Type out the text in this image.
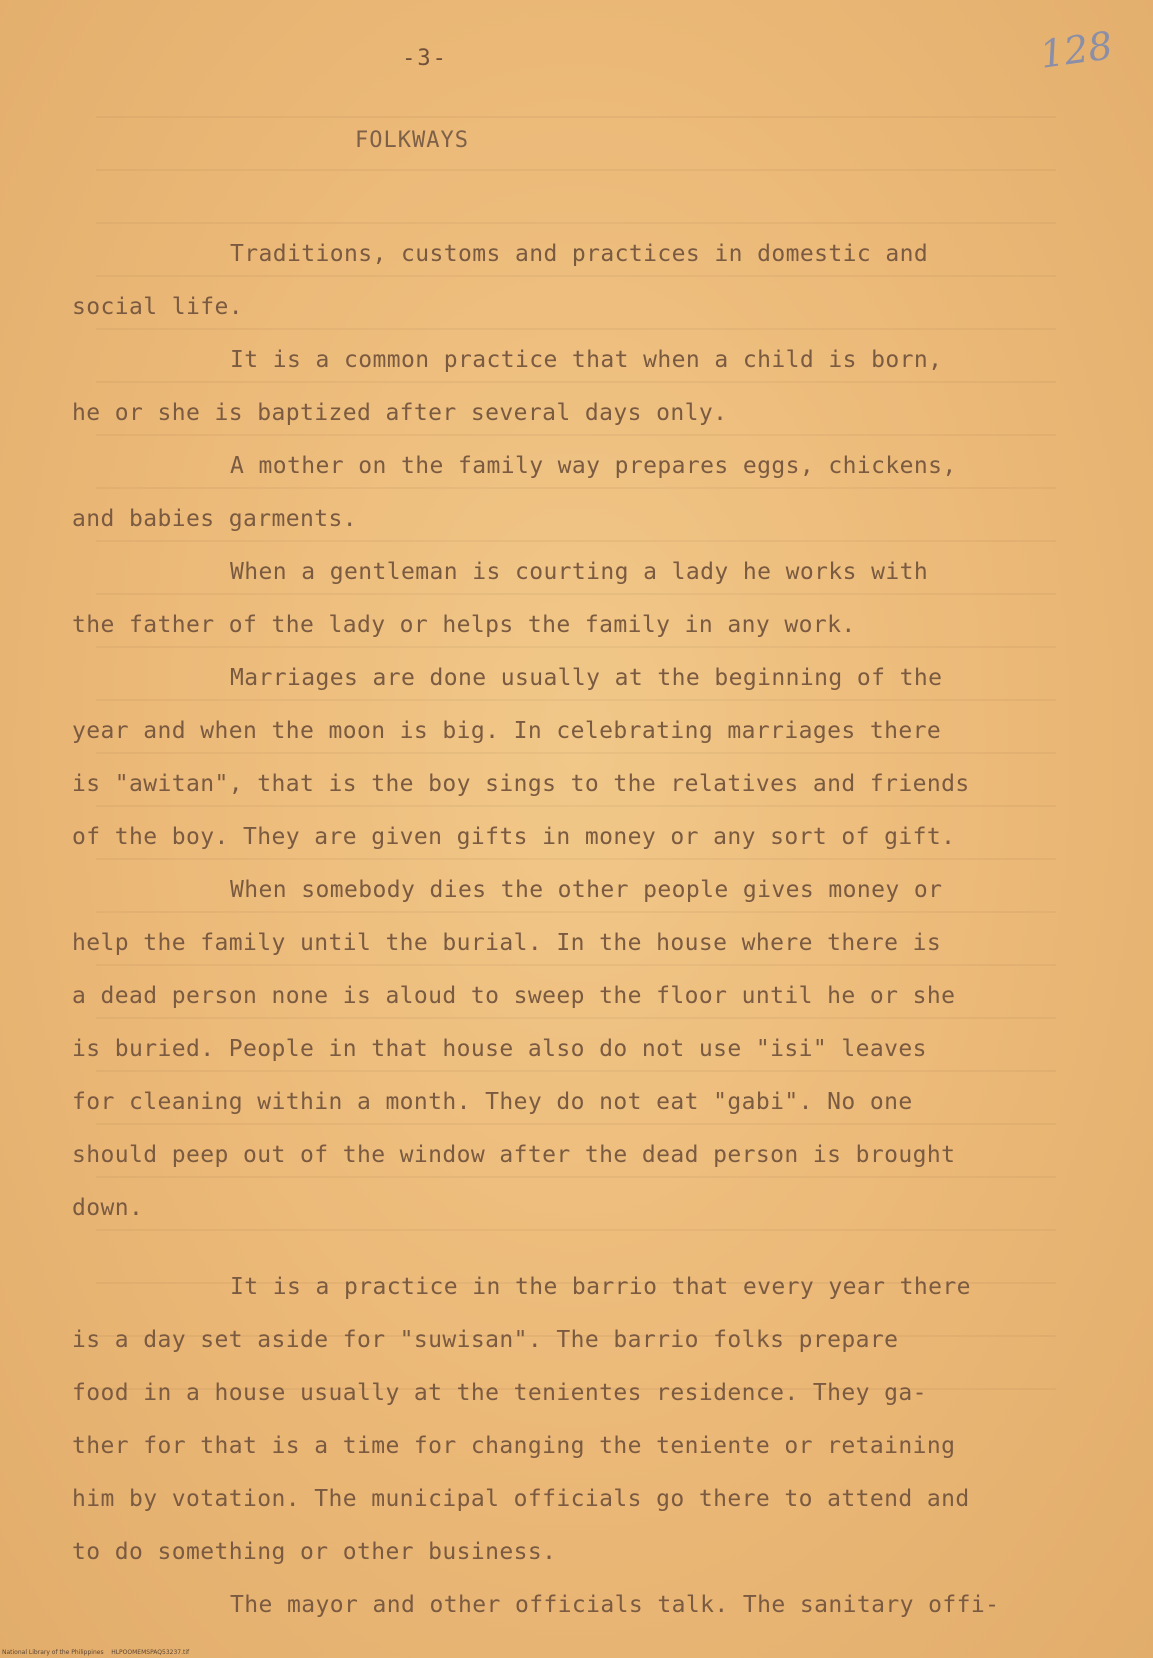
-3-	128
FOLKWAYS
Traditions, customs and practices in domestic and
social life.
It is a common practice that when a child is born,
he or she is baptized after several days only.
A mother on the family way prepares eggs, chickens,
and babies garments.
When a gentleman is courting a lady he works with
the father of the lady or helps the family in any work.
Marriages are done usually at the beginning of the
year and when the moon is big. In celebrating marriages there
is "awitan", that is the boy sings to the relatives and friends
of the boy. They are given gifts in money or any sort of gift.
When somebody dies the other people gives money or
help the family until the burial. In the house where there is
a dead person none is aloud to sweep the floor until he or she
is buried. People in that house also do not use "isi" leaves
for cleaning within a month. They do not eat "gabi". No one
should peep out of the window after the dead person is brought
down.
It is a practice in the barrio that every year there
is a day set aside for "suwisan". The barrio folks prepare
food in a house usually at the tenientes residence. They ga-
ther for that is a time for changing the teniente or retaining
him by votation. The municipal officials go there to attend and
to do something or other business.
The mayor and other officials talk. The sanitary offi-
National Library of the Philippines    HLPOOMEMSPAQ53237.tif
